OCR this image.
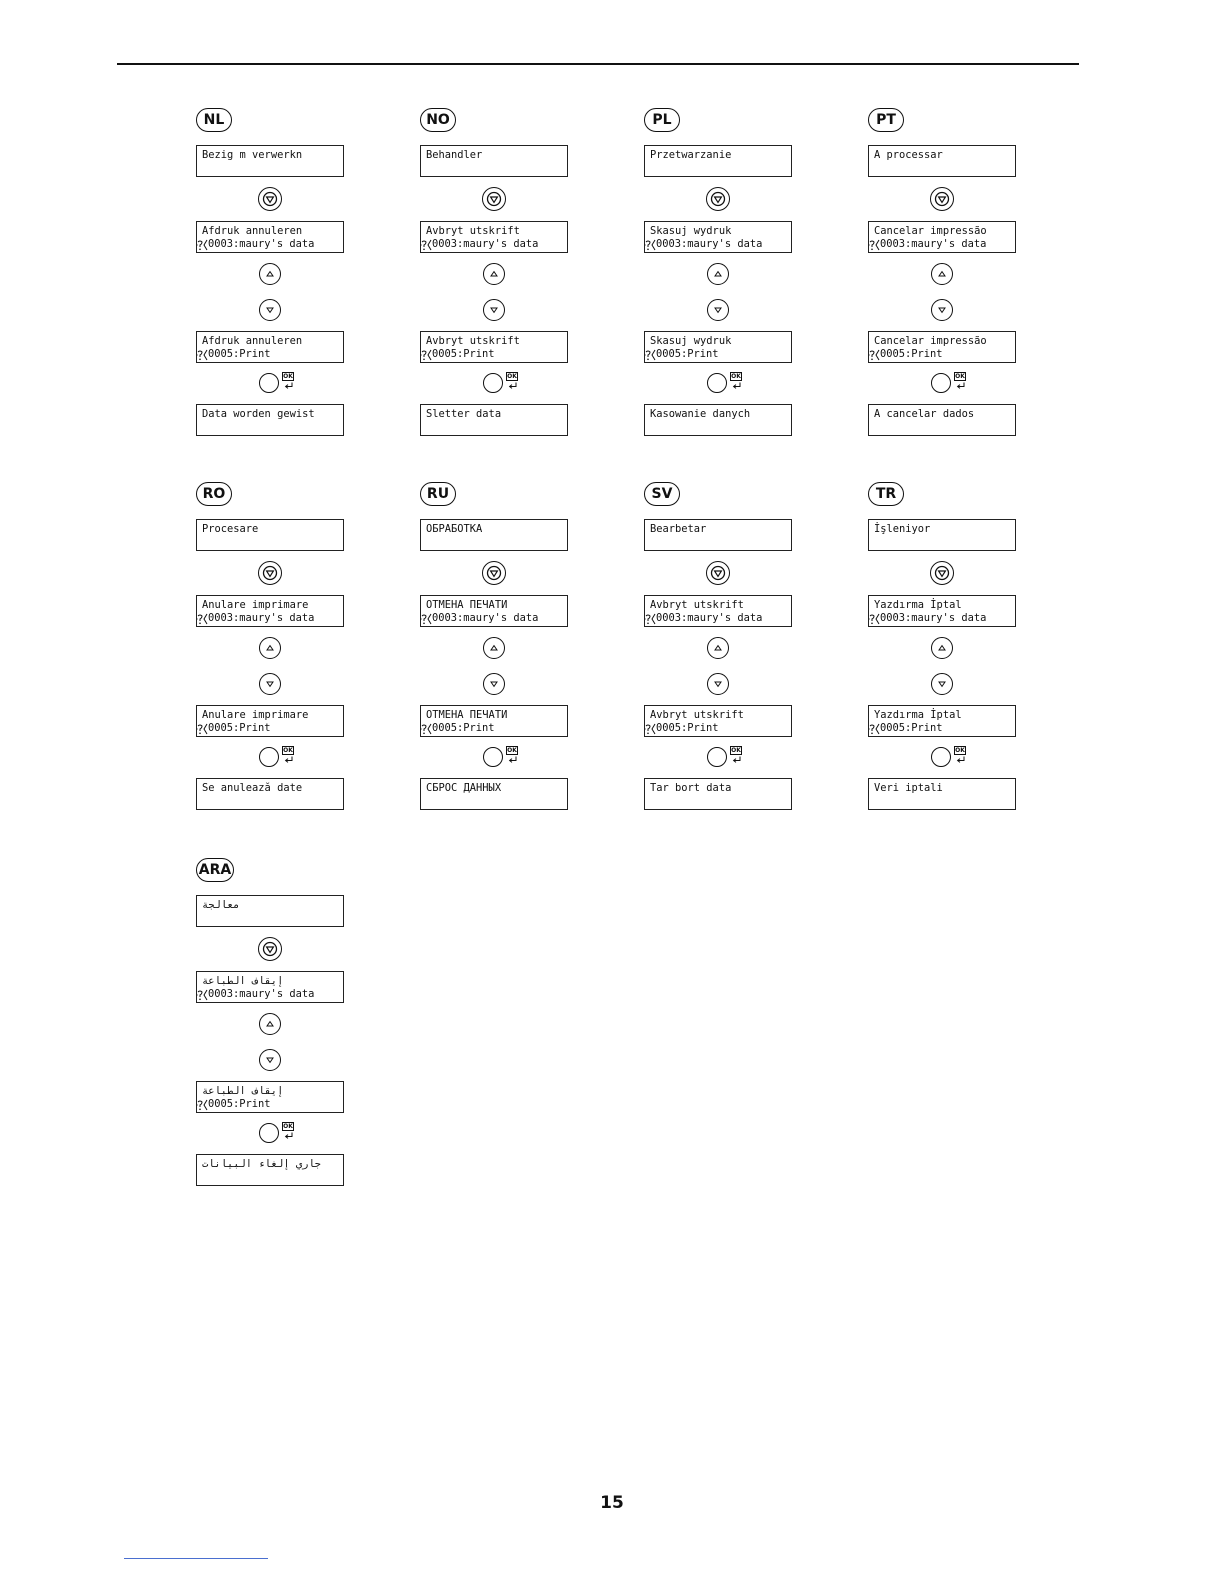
NL
Bezig m verwerkn
Afdruk annuleren
0003:maury's data
Afdruk annuleren
0005:Print
OK
Data worden gewist
NO
Behandler
Avbryt utskrift
0003:maury's data
Avbryt utskrift
0005:Print
OK
Sletter data
PL
Przetwarzanie
Skasuj wydruk
0003:maury's data
Skasuj wydruk
0005:Print
OK
Kasowanie danych
PT
A processar
Cancelar impressão
0003:maury's data
Cancelar impressão
0005:Print
OK
A cancelar dados
RO
Procesare
Anulare imprimare
0003:maury's data
Anulare imprimare
0005:Print
OK
Se anulează date
RU
ОБРАБОТКА
ОТМЕНА ПЕЧАТИ
0003:maury's data
ОТМЕНА ПЕЧАТИ
0005:Print
OK
СБРОС ДАННЫХ
SV
Bearbetar
Avbryt utskrift
0003:maury's data
Avbryt utskrift
0005:Print
OK
Tar bort data
TR
İşleniyor
Yazdırma İptal
0003:maury's data
Yazdırma İptal
0005:Print
OK
Veri iptali
ARA
معالجة
إيقاف الطباعة
0003:maury's data
إيقاف الطباعة
0005:Print
OK
جاري إلغاء البيانات
15
